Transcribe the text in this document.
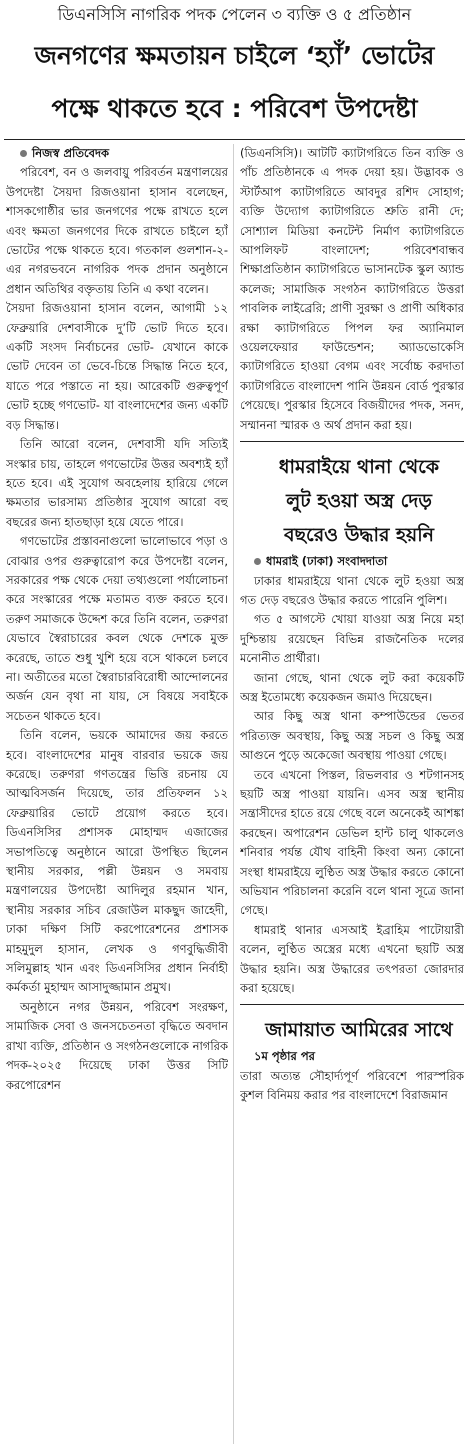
ডিএনসিসি নাগরিক পদক পেলেন ৩ ব্যক্তি ও ৫ প্রতিষ্ঠান
জনগণের ক্ষমতায়ন চাইলে ‘হ্যাঁ’ ভোটের
পক্ষে থাকতে হবে : পরিবেশ উপদেষ্টা

নিজস্ব প্রতিবেদক

পরিবেশ, বন ও জলবায়ু পরিবর্তন মন্ত্রণালয়ের উপদেষ্টা সৈয়দা রিজওয়ানা হাসান বলেছেন, শাসকগোষ্ঠীর ভার জনগণের পক্ষে রাখতে হলে এবং ক্ষমতা জনগণের দিকে রাখতে চাইলে হ্যাঁ ভোটের পক্ষে থাকতে হবে। গতকাল গুলশান-২-এর নগরভবনে নাগরিক পদক প্রদান অনুষ্ঠানে প্রধান অতিথির বক্তৃতায় তিনি এ কথা বলেন।

সৈয়দা রিজওয়ানা হাসান বলেন, আগামী ১২ ফেব্রুয়ারি দেশবাসীকে দু’টি ভোট দিতে হবে। একটি সংসদ নির্বাচনের ভোট- যেখানে কাকে ভোট দেবেন তা ভেবে-চিন্তে সিদ্ধান্ত নিতে হবে, যাতে পরে পস্তাতে না হয়। আরেকটি গুরুত্বপূর্ণ ভোট হচ্ছে গণভোট- যা বাংলাদেশের জন্য একটি বড় সিদ্ধান্ত।

তিনি আরো বলেন, দেশবাসী যদি সত্যিই সংস্কার চায়, তাহলে গণভোটের উত্তর অবশ্যই হ্যাঁ হতে হবে। এই সুযোগ অবহেলায় হারিয়ে গেলে ক্ষমতার ভারসাম্য প্রতিষ্ঠার সুযোগ আরো বহু বছরের জন্য হাতছাড়া হয়ে যেতে পারে।

গণভোটের প্রস্তাবনাগুলো ভালোভাবে পড়া ও বোঝার ওপর গুরুত্বারোপ করে উপদেষ্টা বলেন, সরকারের পক্ষ থেকে দেয়া তথ্যগুলো পর্যালোচনা করে সংস্কারের পক্ষে মতামত ব্যক্ত করতে হবে। তরুণ সমাজকে উদ্দেশ করে তিনি বলেন, তরুণরা যেভাবে স্বৈরাচারের কবল থেকে দেশকে মুক্ত করেছে, তাতে শুধু খুশি হয়ে বসে থাকলে চলবে না। অতীতের মতো স্বৈরাচারবিরোধী আন্দোলনের অর্জন যেন বৃথা না যায়, সে বিষয়ে সবাইকে সচেতন থাকতে হবে।

তিনি বলেন, ভয়কে আমাদের জয় করতে হবে। বাংলাদেশের মানুষ বারবার ভয়কে জয় করেছে। তরুণরা গণতন্ত্রের ভিত্তি রচনায় যে আত্মবিসর্জন দিয়েছে, তার প্রতিফলন ১২ ফেব্রুয়ারির ভোটে প্রয়োগ করতে হবে। ডিএনসিসির প্রশাসক মোহাম্মদ এজাজের সভাপতিত্বে অনুষ্ঠানে আরো উপস্থিত ছিলেন স্থানীয় সরকার, পল্লী উন্নয়ন ও সমবায় মন্ত্রণালয়ের উপদেষ্টা আদিলুর রহমান খান, স্থানীয় সরকার সচিব রেজাউল মাকছুদ জাহেদী, ঢাকা দক্ষিণ সিটি করপোরেশনের প্রশাসক মাহমুদুল হাসান, লেখক ও গণবুদ্ধিজীবী সলিমুল্লাহ খান এবং ডিএনসিসির প্রধান নির্বাহী কর্মকর্তা মুহাম্মদ আসাদুজ্জামান প্রমুখ।

অনুষ্ঠানে নগর উন্নয়ন, পরিবেশ সংরক্ষণ, সামাজিক সেবা ও জনসচেতনতা বৃদ্ধিতে অবদান রাখা ব্যক্তি, প্রতিষ্ঠান ও সংগঠনগুলোকে নাগরিক পদক-২০২৫ দিয়েছে ঢাকা উত্তর সিটি করপোরেশন

(ডিএনসিসি)। আটটি ক্যাটাগরিতে তিন ব্যক্তি ও পাঁচ প্রতিষ্ঠানকে এ পদক দেয়া হয়। উদ্ভাবক ও স্টার্টআপ ক্যাটাগরিতে আবদুর রশিদ সোহাগ; ব্যক্তি উদ্যোগ ক্যাটাগরিতে শ্রুতি রানী দে; সোশ্যাল মিডিয়া কনটেন্ট নির্মাণ ক্যাটাগরিতে আপলিফট বাংলাদেশ; পরিবেশবান্ধব শিক্ষাপ্রতিষ্ঠান ক্যাটাগরিতে ভাসানটেক স্কুল অ্যান্ড কলেজ; সামাজিক সংগঠন ক্যাটাগরিতে উত্তরা পাবলিক লাইব্রেরি; প্রাণী সুরক্ষা ও প্রাণী অধিকার রক্ষা ক্যাটাগরিতে পিপল ফর অ্যানিমাল ওয়েলফেয়ার ফাউন্ডেশন; অ্যাডভোকেসি ক্যাটাগরিতে হাওয়া বেগম এবং সর্বোচ্চ করদাতা ক্যাটাগরিতে বাংলাদেশ পানি উন্নয়ন বোর্ড পুরস্কার পেয়েছে। পুরস্কার হিসেবে বিজয়ীদের পদক, সনদ, সম্মাননা স্মারক ও অর্থ প্রদান করা হয়।

ধামরাইয়ে থানা থেকে

লুট হওয়া অস্ত্র দেড়

বছরেও উদ্ধার হয়নি

ধামরাই (ঢাকা) সংবাদদাতা

ঢাকার ধামরাইয়ে থানা থেকে লুট হওয়া অস্ত্র গত দেড় বছরেও উদ্ধার করতে পারেনি পুলিশ।

গত ৫ আগস্টে খোয়া যাওয়া অস্ত্র নিয়ে মহা দুশ্চিন্তায় রয়েছেন বিভিন্ন রাজনৈতিক দলের মনোনীত প্রার্থীরা।

জানা গেছে, থানা থেকে লুট করা কয়েকটি অস্ত্র ইতোমধ্যে কয়েকজন জমাও দিয়েছেন।

আর কিছু অস্ত্র থানা কম্পাউন্ডের ভেতর পরিত্যক্ত অবস্থায়, কিছু অস্ত্র সচল ও কিছু অস্ত্র আগুনে পুড়ে অকেজো অবস্থায় পাওয়া গেছে।

তবে এখনো পিস্তল, রিভলবার ও শটগানসহ ছয়টি অস্ত্র পাওয়া যায়নি। এসব অস্ত্র স্থানীয় সন্ত্রাসীদের হাতে রয়ে গেছে বলে অনেকেই আশঙ্কা করছেন। অপারেশন ডেভিল হান্ট চালু থাকলেও শনিবার পর্যন্ত যৌথ বাহিনী কিংবা অন্য কোনো সংস্থা ধামরাইয়ে লুণ্ঠিত অস্ত্র উদ্ধার করতে কোনো অভিযান পরিচালনা করেনি বলে থানা সূত্রে জানা গেছে।

ধামরাই থানার এসআই ইব্রাহিম পাটোয়ারী বলেন, লুণ্ঠিত অস্ত্রের মধ্যে এখনো ছয়টি অস্ত্র উদ্ধার হয়নি। অস্ত্র উদ্ধারের তৎপরতা জোরদার করা হয়েছে।

জামায়াত আমিরের সাথে

১ম পৃষ্ঠার পর

তারা অত্যন্ত সৌহার্দ্যপূর্ণ পরিবেশে পারস্পরিক কুশল বিনিময় করার পর বাংলাদেশে বিরাজমান
